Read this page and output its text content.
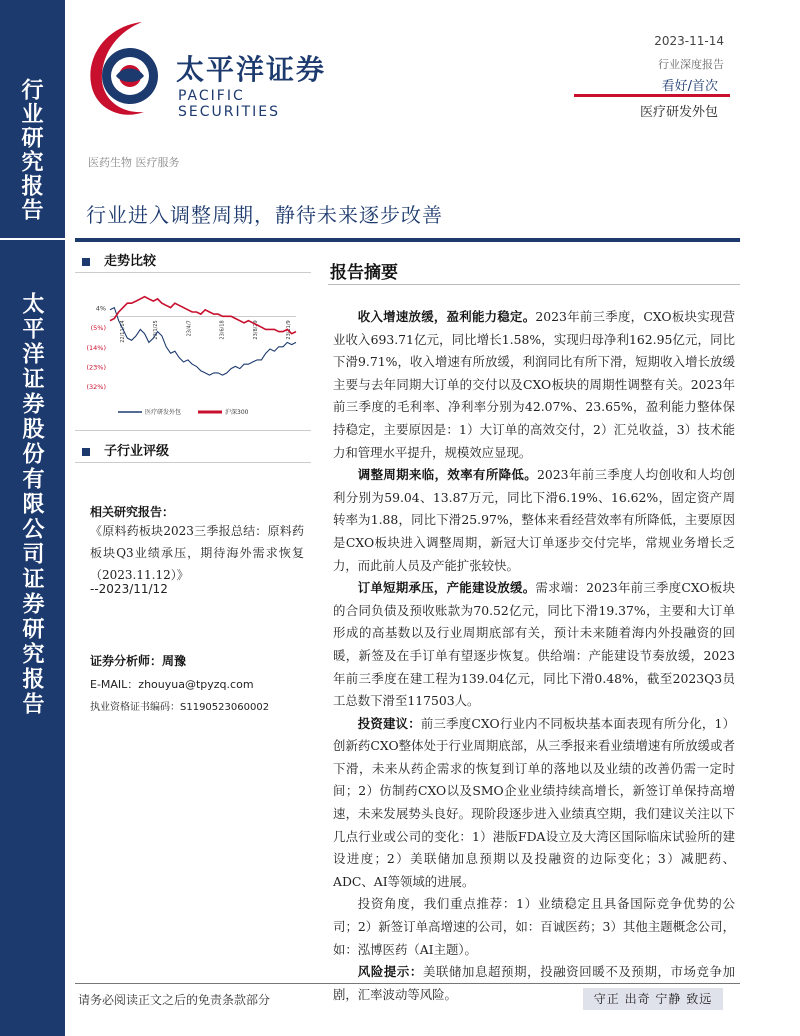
行业研究报告
太平洋证券股份有限公司证券研究报告
太平洋证券
PACIFIC SECURITIES
2023-11-14
行业深度报告
看好/首次
医疗研发外包
医药生物 医疗服务
行业进入调整周期，静待未来逐步改善
走势比较
4%
(5%)
(14%)
(23%)
(32%)
22/11/14	23/1/25	23/4/7	23/6/18	23/8/29	23/11/9
医疗研发外包	沪深300
子行业评级
相关研究报告：
《原料药板块2023三季报总结：原料药板块Q3业绩承压，期待海外需求恢复（2023.11.12）》
--2023/11/12
证券分析师：周豫
E-MAIL：zhouyua@tpyzq.com
执业资格证书编码：S1190523060002
报告摘要

收入增速放缓，盈利能力稳定。2023年前三季度，CXO板块实现营业收入693.71亿元，同比增长1.58%，实现归母净利162.95亿元，同比下滑9.71%，收入增速有所放缓，利润同比有所下滑，短期收入增长放缓主要与去年同期大订单的交付以及CXO板块的周期性调整有关。2023年前三季度的毛利率、净利率分别为42.07%、23.65%，盈利能力整体保持稳定，主要原因是：1）大订单的高效交付，2）汇兑收益，3）技术能力和管理水平提升，规模效应显现。

调整周期来临，效率有所降低。2023年前三季度人均创收和人均创利分别为59.04、13.87万元，同比下滑6.19%、16.62%，固定资产周转率为1.88，同比下滑25.97%，整体来看经营效率有所降低，主要原因是CXO板块进入调整周期，新冠大订单逐步交付完毕，常规业务增长乏力，而此前人员及产能扩张较快。

订单短期承压，产能建设放缓。需求端：2023年前三季度CXO板块的合同负债及预收账款为70.52亿元，同比下滑19.37%，主要和大订单形成的高基数以及行业周期底部有关，预计未来随着海内外投融资的回暖，新签及在手订单有望逐步恢复。供给端：产能建设节奏放缓，2023年前三季度在建工程为139.04亿元，同比下滑0.48%，截至2023Q3员工总数下滑至117503人。

投资建议：前三季度CXO行业内不同板块基本面表现有所分化，1）创新药CXO整体处于行业周期底部，从三季报来看业绩增速有所放缓或者下滑，未来从药企需求的恢复到订单的落地以及业绩的改善仍需一定时间；2）仿制药CXO以及SMO企业业绩持续高增长，新签订单保持高增速，未来发展势头良好。现阶段逐步进入业绩真空期，我们建议关注以下几点行业或公司的变化：1）港版FDA设立及大湾区国际临床试验所的建设进度；2）美联储加息预期以及投融资的边际变化；3）减肥药、ADC、AI等领域的进展。

投资角度，我们重点推荐：1）业绩稳定且具备国际竞争优势的公司；2）新签订单高增速的公司，如：百诚医药；3）其他主题概念公司，如：泓博医药（AI主题）。

风险提示：美联储加息超预期，投融资回暖不及预期，市场竞争加剧，汇率波动等风险。

请务必阅读正文之后的免责条款部分	守正 出奇 宁静 致远
